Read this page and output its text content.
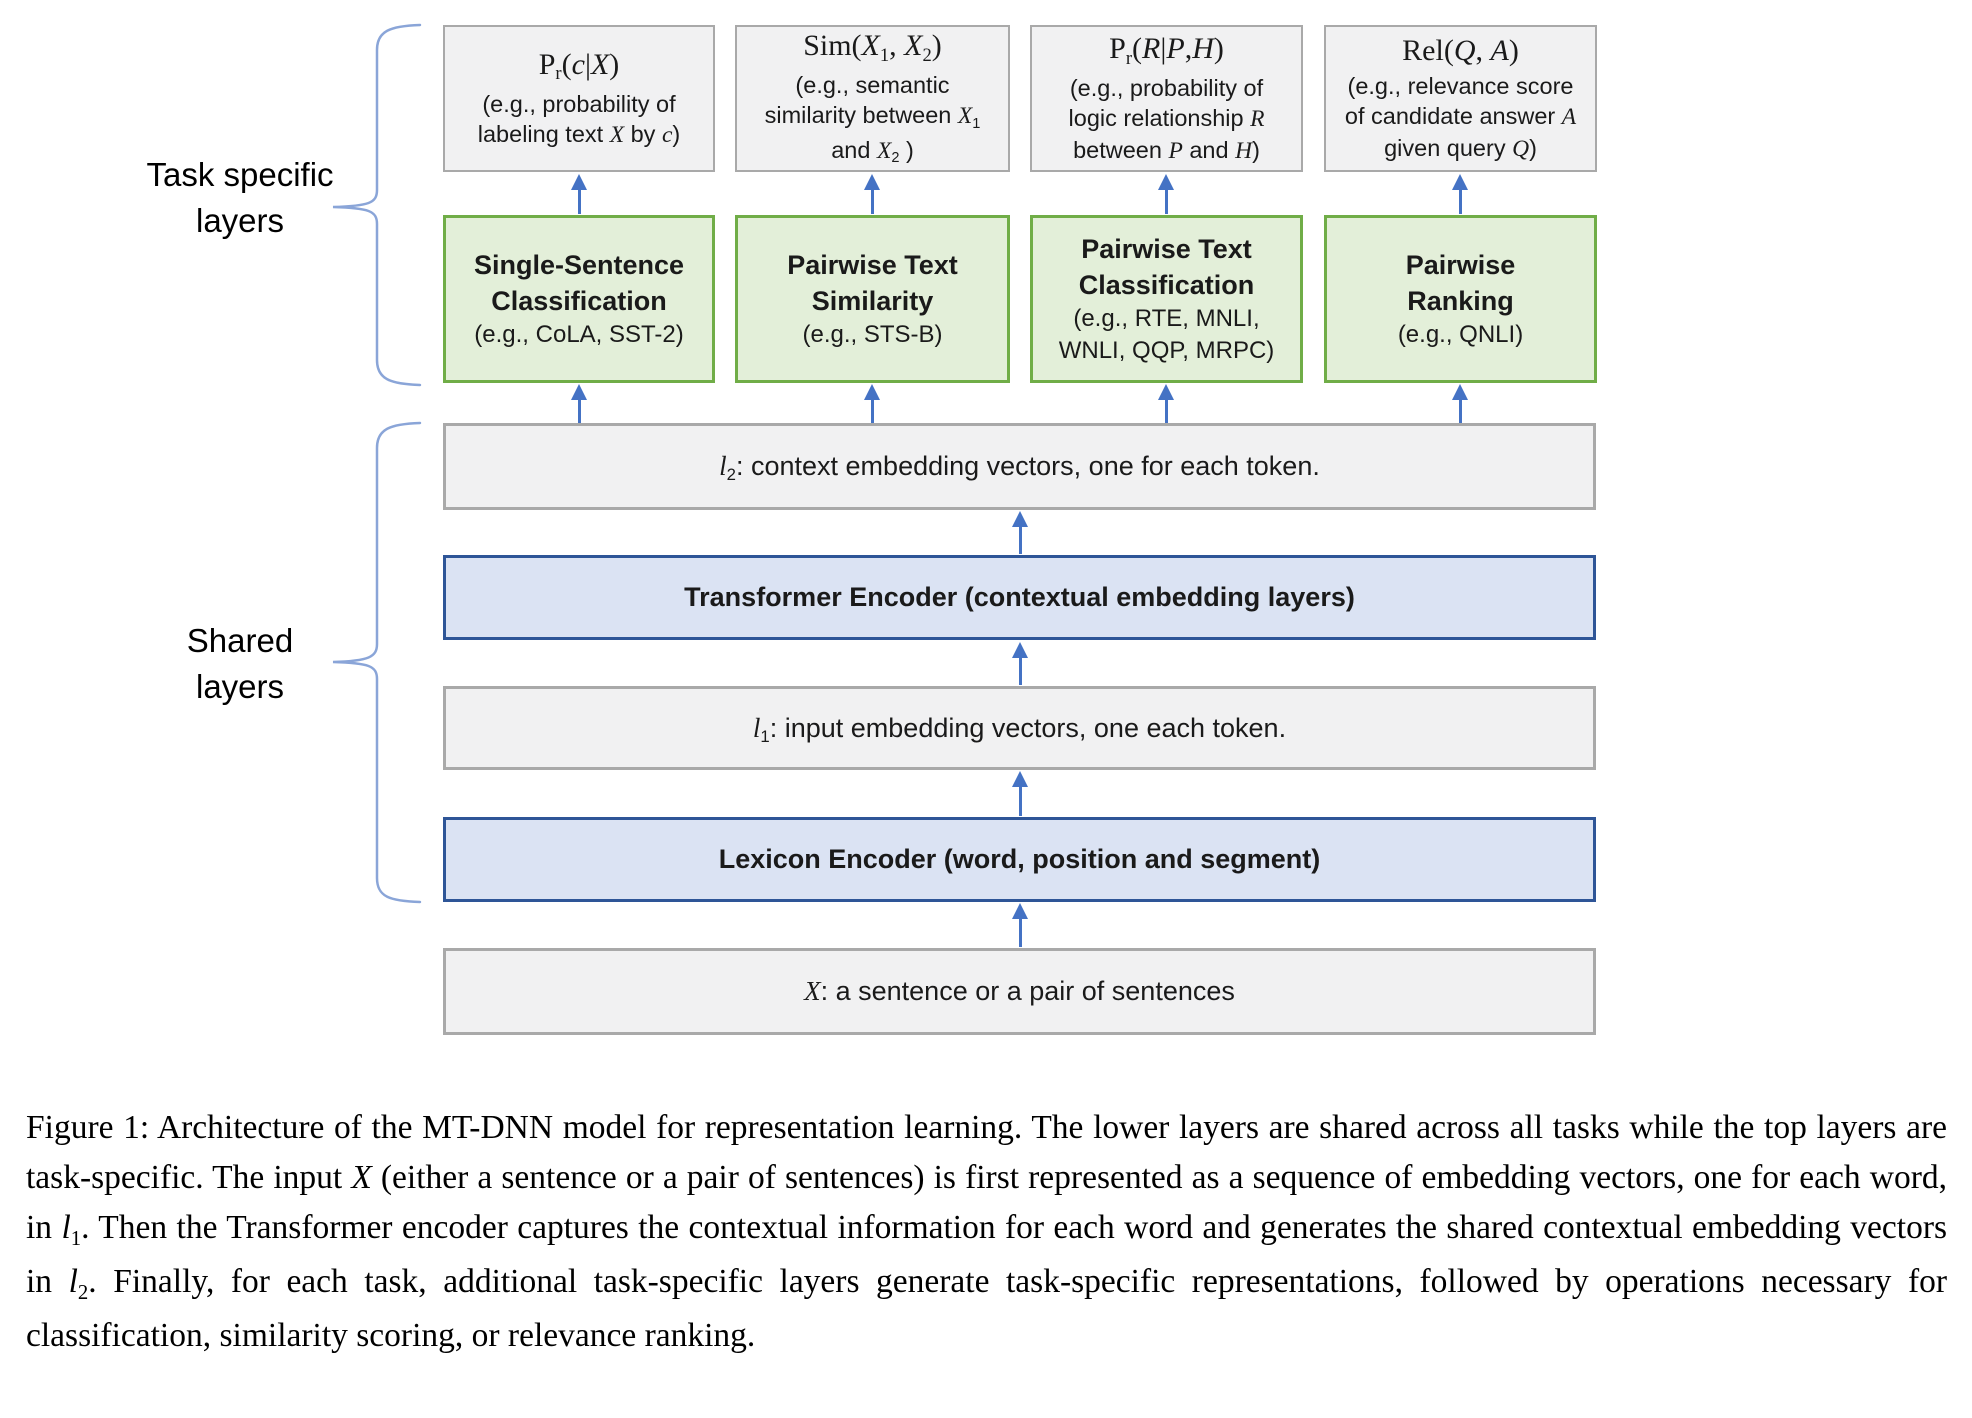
Task specific
layers
Shared
layers
Pr(c|X)
(e.g., probability of
labeling text X by c)
Sim(X1, X2)
(e.g., semantic
similarity between X1
and X2 )
Pr(R|P,H)
(e.g., probability of
logic relationship R
between P and H)
Rel(Q, A)
(e.g., relevance score
of candidate answer A
given query Q)
Single-Sentence
Classification
(e.g., CoLA, SST-2)
Pairwise Text
Similarity
(e.g., STS-B)
Pairwise Text
Classification
(e.g., RTE, MNLI,
WNLI, QQP, MRPC)
Pairwise
Ranking
(e.g., QNLI)
l2: context embedding vectors, one for each token.
Transformer Encoder (contextual embedding layers)
l1: input embedding vectors, one each token.
Lexicon Encoder (word, position and segment)
X: a sentence or a pair of sentences
Figure 1: Architecture of the MT-DNN model for representation learning. The lower layers are shared across all tasks while the top layers are task-specific. The input X (either a sentence or a pair of sentences) is first represented as a sequence of embedding vectors, one for each word, in l1. Then the Transformer encoder captures the contextual information for each word and generates the shared contextual embedding vectors in l2. Finally, for each task, additional task-specific layers generate task-specific representations, followed by operations necessary for classification, similarity scoring, or relevance ranking.
